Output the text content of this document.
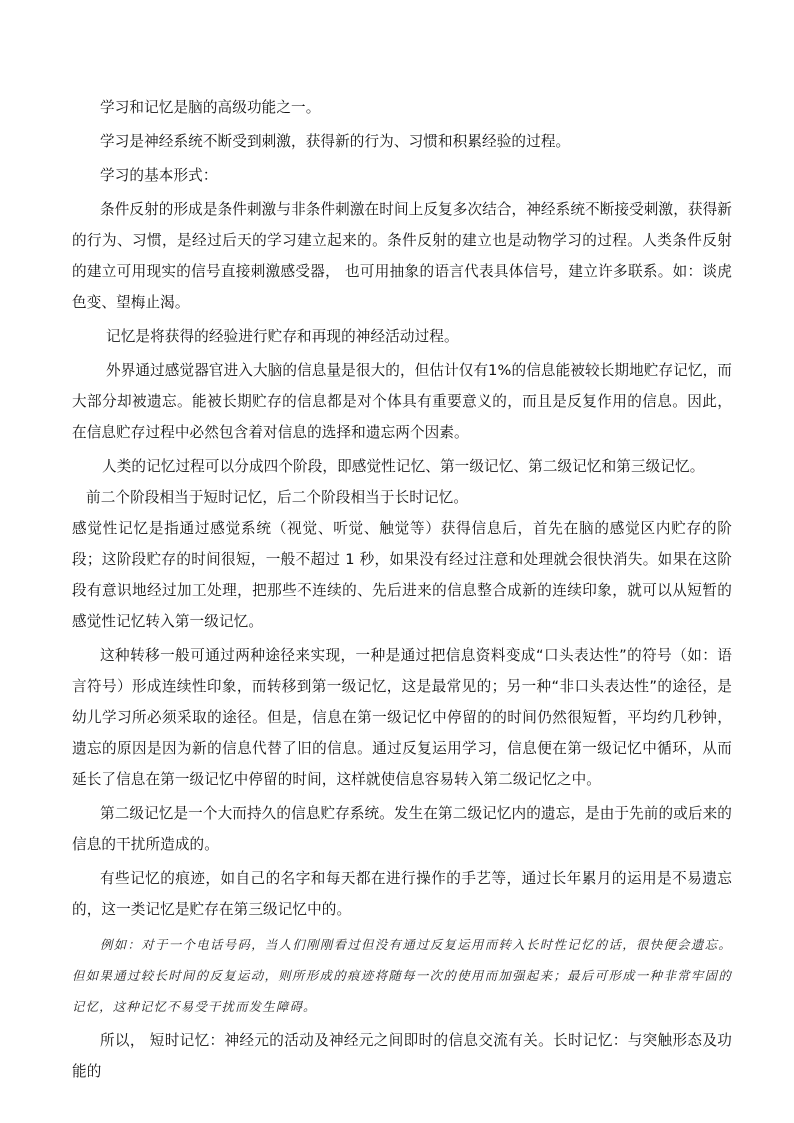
学习和记忆是脑的高级功能之一。

学习是神经系统不断受到刺激，获得新的行为、习惯和积累经验的过程。

学习的基本形式：

条件反射的形成是条件刺激与非条件刺激在时间上反复多次结合，神经系统不断接受刺激，获得新的行为、习惯，是经过后天的学习建立起来的。条件反射的建立也是动物学习的过程。人类条件反射的建立可用现实的信号直接刺激感受器， 也可用抽象的语言代表具体信号，建立许多联系。如：谈虎色变、望梅止渴。

记忆是将获得的经验进行贮存和再现的神经活动过程。

外界通过感觉器官进入大脑的信息量是很大的，但估计仅有1%的信息能被较长期地贮存记忆，而大部分却被遗忘。能被长期贮存的信息都是对个体具有重要意义的，而且是反复作用的信息。因此，在信息贮存过程中必然包含着对信息的选择和遗忘两个因素。

人类的记忆过程可以分成四个阶段，即感觉性记忆、第一级记忆、第二级记忆和第三级记忆。

前二个阶段相当于短时记忆，后二个阶段相当于长时记忆。

感觉性记忆是指通过感觉系统（视觉、听觉、触觉等）获得信息后，首先在脑的感觉区内贮存的阶段；这阶段贮存的时间很短，一般不超过 1 秒，如果没有经过注意和处理就会很快消失。如果在这阶段有意识地经过加工处理，把那些不连续的、先后进来的信息整合成新的连续印象，就可以从短暂的感觉性记忆转入第一级记忆。

这种转移一般可通过两种途径来实现，一种是通过把信息资料变成“口头表达性”的符号（如：语言符号）形成连续性印象，而转移到第一级记忆，这是最常见的；另一种“非口头表达性”的途径，是幼儿学习所必须采取的途径。但是，信息在第一级记忆中停留的的时间仍然很短暂，平均约几秒钟，遗忘的原因是因为新的信息代替了旧的信息。通过反复运用学习，信息便在第一级记忆中循环，从而延长了信息在第一级记忆中停留的时间，这样就使信息容易转入第二级记忆之中。

第二级记忆是一个大而持久的信息贮存系统。发生在第二级记忆内的遗忘，是由于先前的或后来的信息的干扰所造成的。

有些记忆的痕迹，如自己的名字和每天都在进行操作的手艺等，通过长年累月的运用是不易遗忘的，这一类记忆是贮存在第三级记忆中的。

例如：对于一个电话号码，当人们刚刚看过但没有通过反复运用而转入长时性记忆的话，很快便会遗忘。但如果通过较长时间的反复运动，则所形成的痕迹将随每一次的使用而加强起来；最后可形成一种非常牢固的记忆，这种记忆不易受干扰而发生障碍。

所以， 短时记忆：神经元的活动及神经元之间即时的信息交流有关。长时记忆：与突触形态及功能的
